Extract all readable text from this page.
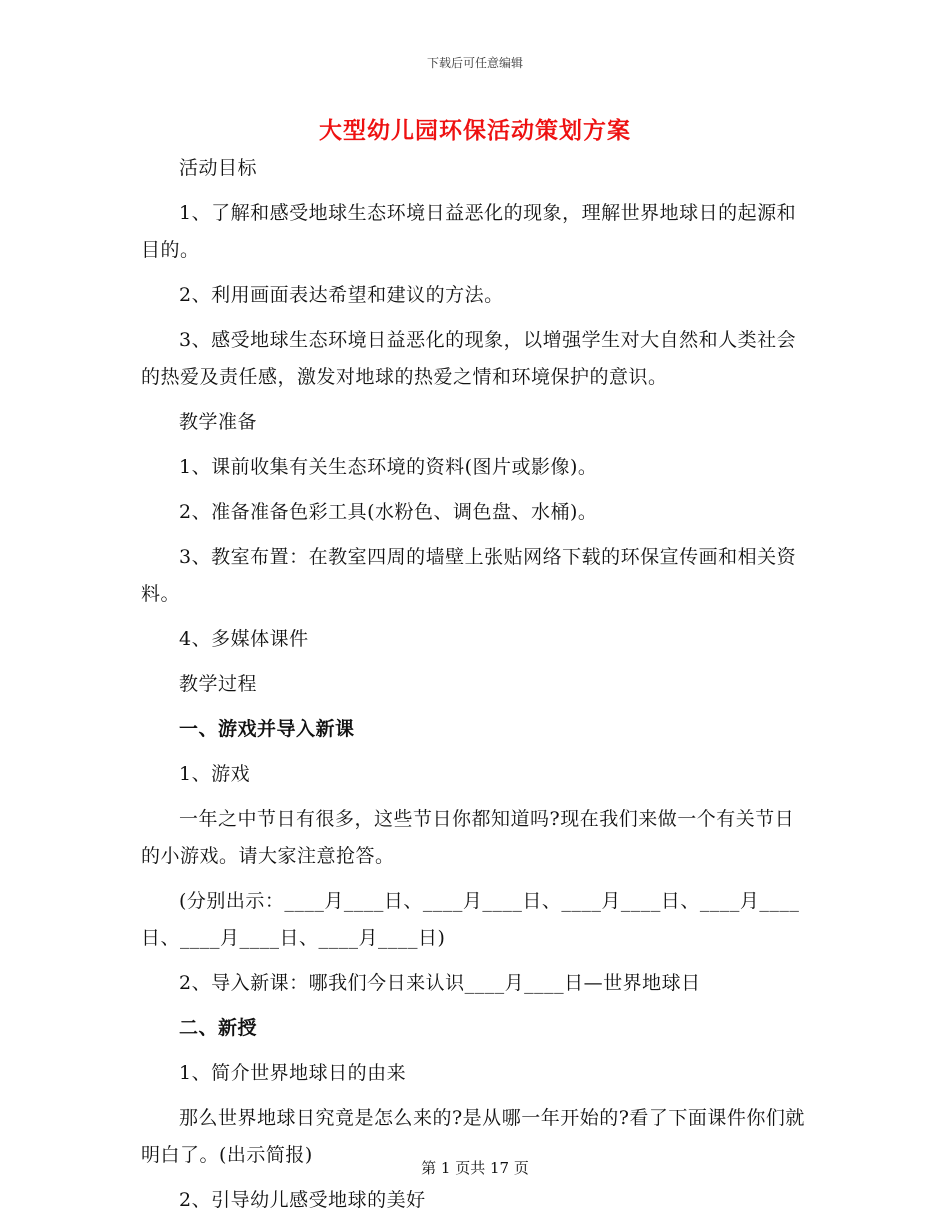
下载后可任意编辑
大型幼儿园环保活动策划方案

活动目标

1、了解和感受地球生态环境日益恶化的现象，理解世界地球日的起源和目的。

2、利用画面表达希望和建议的方法。

3、感受地球生态环境日益恶化的现象，以增强学生对大自然和人类社会的热爱及责任感，激发对地球的热爱之情和环境保护的意识。

教学准备

1、课前收集有关生态环境的资料(图片或影像)。

2、准备准备色彩工具(水粉色、调色盘、水桶)。

3、教室布置：在教室四周的墙壁上张贴网络下载的环保宣传画和相关资料。

4、多媒体课件

教学过程

一、游戏并导入新课

1、游戏

一年之中节日有很多，这些节日你都知道吗?现在我们来做一个有关节日的小游戏。请大家注意抢答。

(分别出示：____月____日、____月____日、____月____日、____月____日、____月____日、____月____日)

2、导入新课：哪我们今日来认识____月____日—世界地球日

二、新授

1、简介世界地球日的由来

那么世界地球日究竟是怎么来的?是从哪一年开始的?看了下面课件你们就明白了。(出示简报)

2、引导幼儿感受地球的美好

第 1 页共 17 页
